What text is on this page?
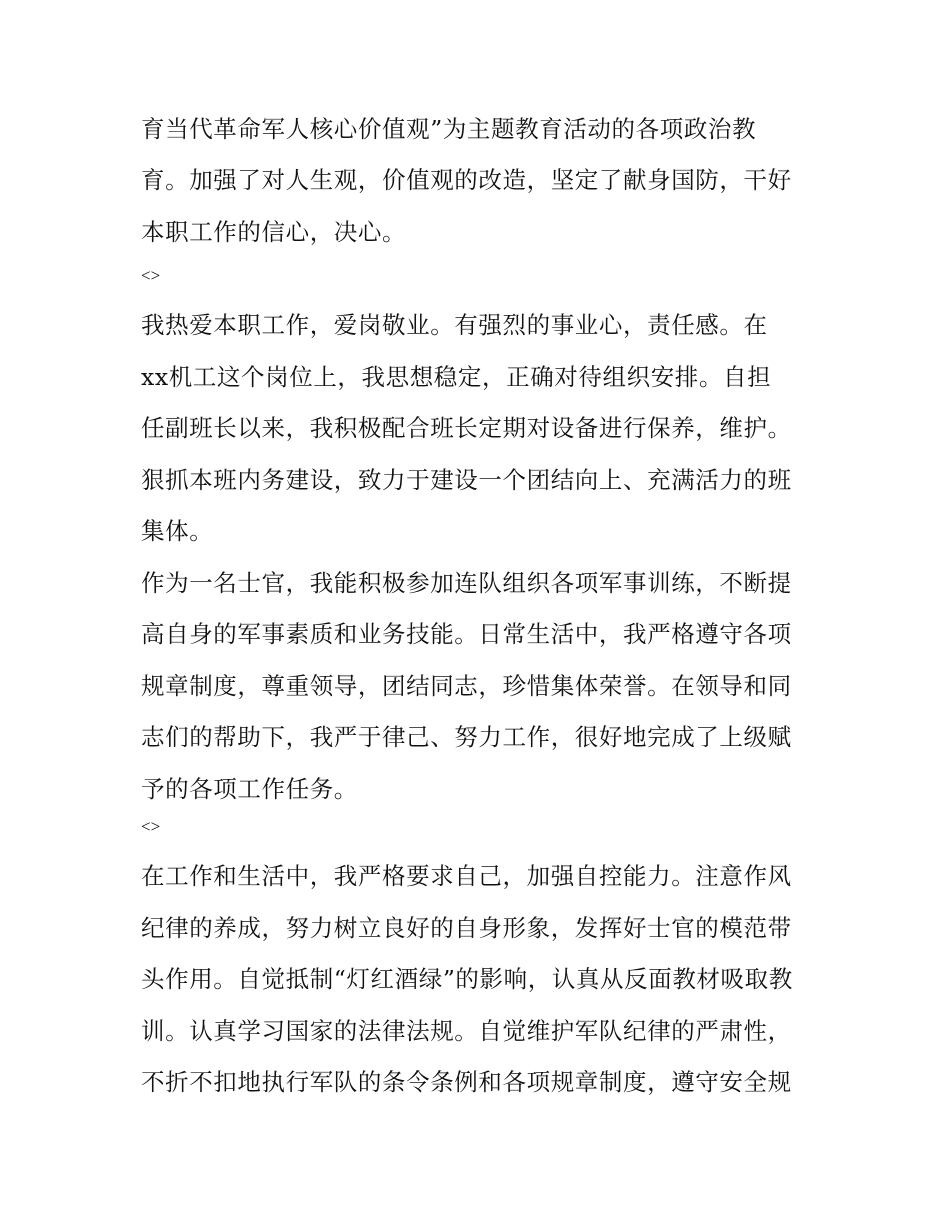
育当代革命军人核心价值观”为主题教育活动的各项政治教
育。加强了对人生观，价值观的改造，坚定了献身国防，干好
本职工作的信心，决心。
<>
我热爱本职工作，爱岗敬业。有强烈的事业心，责任感。在
xx机工这个岗位上，我思想稳定，正确对待组织安排。自担
任副班长以来，我积极配合班长定期对设备进行保养，维护。
狠抓本班内务建设，致力于建设一个团结向上、充满活力的班
集体。
作为一名士官，我能积极参加连队组织各项军事训练，不断提
高自身的军事素质和业务技能。日常生活中，我严格遵守各项
规章制度，尊重领导，团结同志，珍惜集体荣誉。在领导和同
志们的帮助下，我严于律己、努力工作，很好地完成了上级赋
予的各项工作任务。
<>
在工作和生活中，我严格要求自己，加强自控能力。注意作风
纪律的养成，努力树立良好的自身形象，发挥好士官的模范带
头作用。自觉抵制“灯红酒绿”的影响，认真从反面教材吸取教
训。认真学习国家的法律法规。自觉维护军队纪律的严肃性，
不折不扣地执行军队的条令条例和各项规章制度，遵守安全规
